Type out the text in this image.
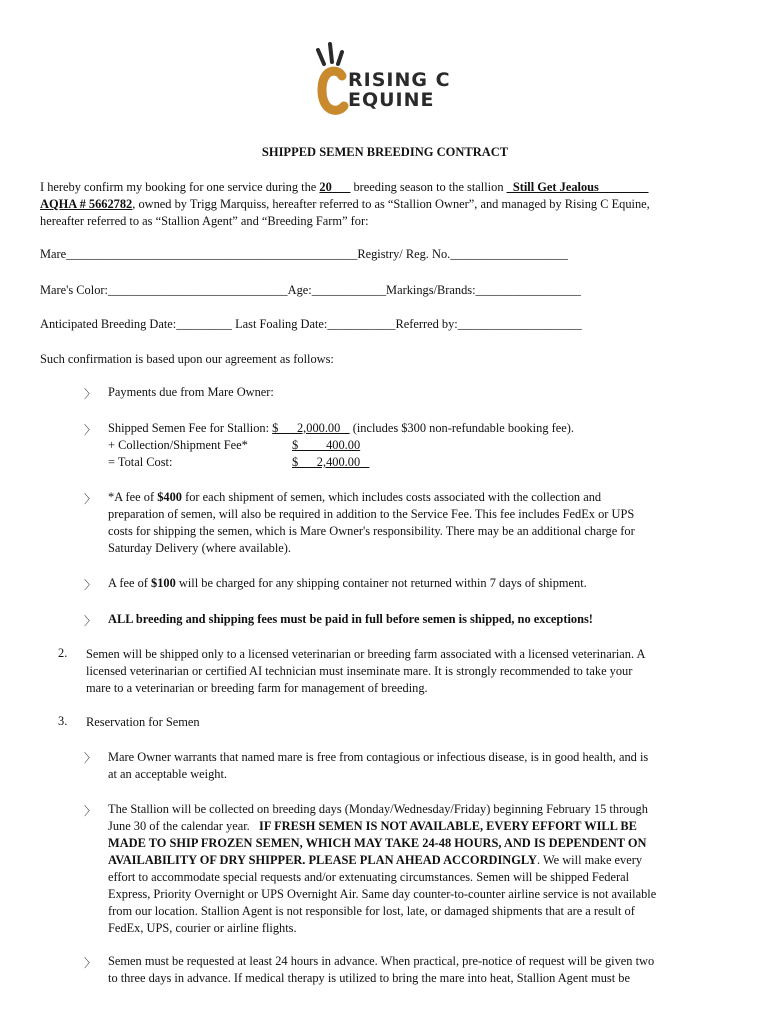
RISING C
EQUINE
SHIPPED SEMEN BREEDING CONTRACT
I hereby confirm my booking for one service during the 20___ breeding season to the stallion _Still Get Jealous________
AQHA # 5662782, owned by Trigg Marquiss, hereafter referred to as “Stallion Owner”, and managed by Rising C Equine,
hereafter referred to as “Stallion Agent” and “Breeding Farm” for:
Mare_______________________________________________Registry/ Reg. No.___________________
Mare's Color:_____________________________Age:____________Markings/Brands:_________________
Anticipated Breeding Date:_________ Last Foaling Date:___________Referred by:____________________
Such confirmation is based upon our agreement as follows:
〉 Payments due from Mare Owner:
〉 Shipped Semen Fee for Stallion: $      2,000.00    (includes $300 non-refundable booking fee).
+ Collection/Shipment Fee*	$         400.00
= Total Cost:	$      2,400.00
〉 *A fee of $400 for each shipment of semen, which includes costs associated with the collection and
preparation of semen, will also be required in addition to the Service Fee. This fee includes FedEx or UPS
costs for shipping the semen, which is Mare Owner's responsibility. There may be an additional charge for
Saturday Delivery (where available).
〉 A fee of $100 will be charged for any shipping container not returned within 7 days of shipment.
〉 ALL breeding and shipping fees must be paid in full before semen is shipped, no exceptions!
2. Semen will be shipped only to a licensed veterinarian or breeding farm associated with a licensed veterinarian. A
licensed veterinarian or certified AI technician must inseminate mare. It is strongly recommended to take your
mare to a veterinarian or breeding farm for management of breeding.
3. Reservation for Semen
〉 Mare Owner warrants that named mare is free from contagious or infectious disease, is in good health, and is
at an acceptable weight.
〉 The Stallion will be collected on breeding days (Monday/Wednesday/Friday) beginning February 15 through
June 30 of the calendar year.   IF FRESH SEMEN IS NOT AVAILABLE, EVERY EFFORT WILL BE
MADE TO SHIP FROZEN SEMEN, WHICH MAY TAKE 24-48 HOURS, AND IS DEPENDENT ON
AVAILABILITY OF DRY SHIPPER. PLEASE PLAN AHEAD ACCORDINGLY. We will make every
effort to accommodate special requests and/or extenuating circumstances. Semen will be shipped Federal
Express, Priority Overnight or UPS Overnight Air. Same day counter-to-counter airline service is not available
from our location. Stallion Agent is not responsible for lost, late, or damaged shipments that are a result of
FedEx, UPS, courier or airline flights.
〉 Semen must be requested at least 24 hours in advance. When practical, pre-notice of request will be given two
to three days in advance. If medical therapy is utilized to bring the mare into heat, Stallion Agent must be
